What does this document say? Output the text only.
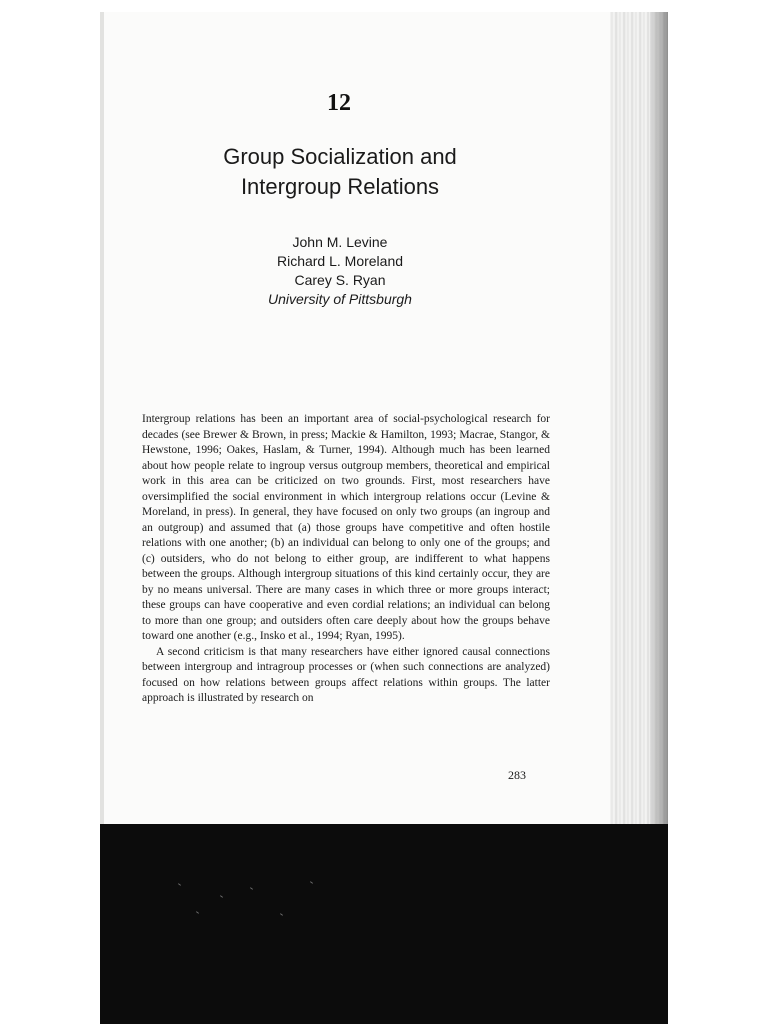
12
Group Socialization and
Intergroup Relations
John M. Levine
Richard L. Moreland
Carey S. Ryan
University of Pittsburgh

Intergroup relations has been an important area of social-psychological research for decades (see Brewer & Brown, in press; Mackie & Hamilton, 1993; Macrae, Stangor, & Hewstone, 1996; Oakes, Haslam, & Turner, 1994). Although much has been learned about how people relate to ingroup versus outgroup members, theoretical and empirical work in this area can be criticized on two grounds. First, most researchers have oversimplified the social environment in which intergroup relations occur (Levine & Moreland, in press). In general, they have focused on only two groups (an ingroup and an outgroup) and assumed that (a) those groups have competitive and often hostile relations with one another; (b) an individual can belong to only one of the groups; and (c) outsiders, who do not belong to either group, are indifferent to what happens between the groups. Although intergroup situations of this kind certainly occur, they are by no means universal. There are many cases in which three or more groups interact; these groups can have cooperative and even cordial relations; an individual can belong to more than one group; and outsiders often care deeply about how the groups behave toward one another (e.g., Insko et al., 1994; Ryan, 1995).

A second criticism is that many researchers have either ignored causal connections between intergroup and intragroup processes or (when such connections are analyzed) focused on how relations between groups affect relations within groups. The latter approach is illustrated by research on

283
